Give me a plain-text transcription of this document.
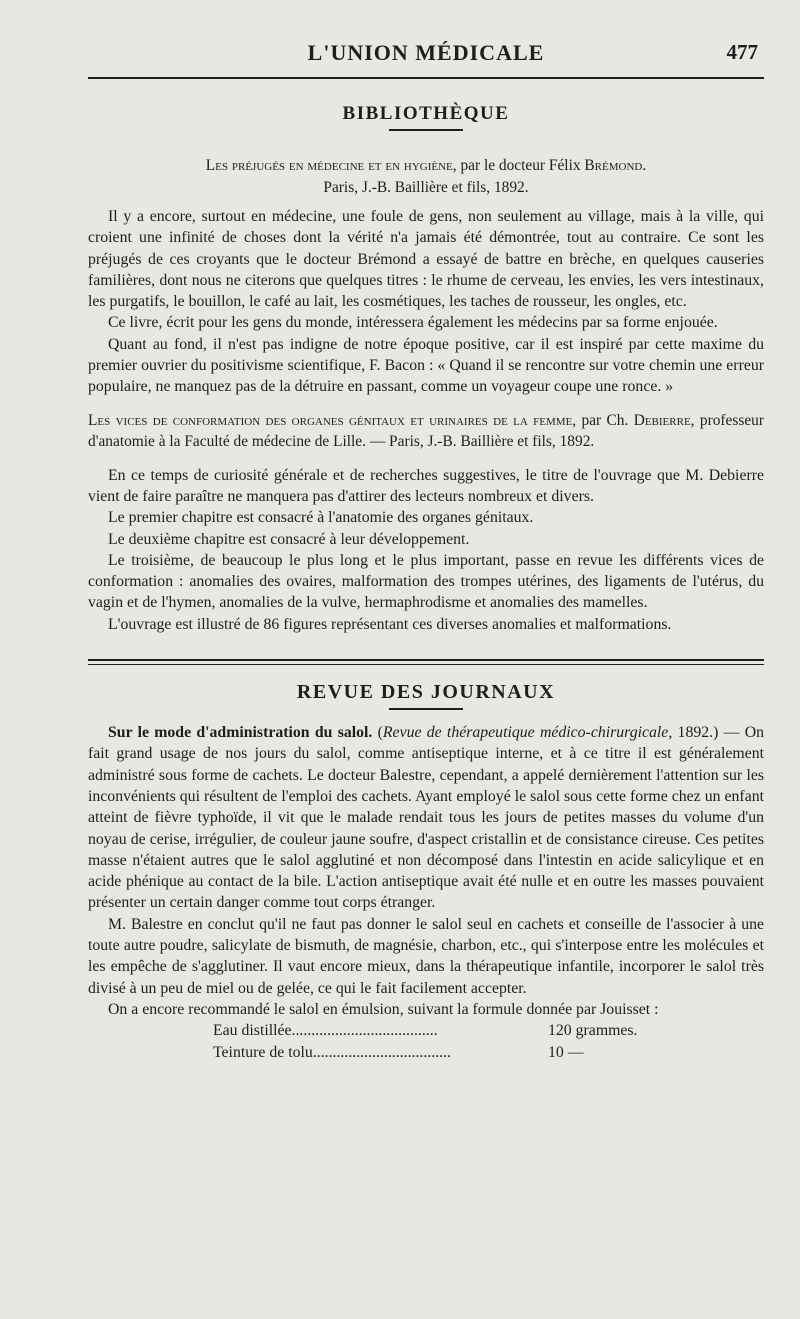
L'UNION MÉDICALE	477
BIBLIOTHÈQUE
Les préjugés en médecine et en hygiène, par le docteur Félix Brémond.
Paris, J.-B. Baillière et fils, 1892.

Il y a encore, surtout en médecine, une foule de gens, non seulement au village, mais à la ville, qui croient une infinité de choses dont la vérité n'a jamais été démontrée, tout au contraire. Ce sont les préjugés de ces croyants que le docteur Brémond a essayé de battre en brèche, en quelques causeries familières, dont nous ne citerons que quelques titres : le rhume de cerveau, les envies, les vers intestinaux, les purgatifs, le bouillon, le café au lait, les cosmétiques, les taches de rousseur, les ongles, etc.

Ce livre, écrit pour les gens du monde, intéressera également les médecins par sa forme enjouée.

Quant au fond, il n'est pas indigne de notre époque positive, car il est inspiré par cette maxime du premier ouvrier du positivisme scientifique, F. Bacon : « Quand il se rencontre sur votre chemin une erreur populaire, ne manquez pas de la détruire en passant, comme un voyageur coupe une ronce. »

Les vices de conformation des organes génitaux et urinaires de la femme, par Ch. Debierre, professeur d'anatomie à la Faculté de médecine de Lille. — Paris, J.-B. Baillière et fils, 1892.

En ce temps de curiosité générale et de recherches suggestives, le titre de l'ouvrage que M. Debierre vient de faire paraître ne manquera pas d'attirer des lecteurs nombreux et divers.

Le premier chapitre est consacré à l'anatomie des organes génitaux.

Le deuxième chapitre est consacré à leur développement.

Le troisième, de beaucoup le plus long et le plus important, passe en revue les différents vices de conformation : anomalies des ovaires, malformation des trompes utérines, des ligaments de l'utérus, du vagin et de l'hymen, anomalies de la vulve, hermaphrodisme et anomalies des mamelles.

L'ouvrage est illustré de 86 figures représentant ces diverses anomalies et malformations.

REVUE DES JOURNAUX

Sur le mode d'administration du salol. (Revue de thérapeutique médico-chirurgicale, 1892.) — On fait grand usage de nos jours du salol, comme antiseptique interne, et à ce titre il est généralement administré sous forme de cachets. Le docteur Balestre, cependant, a appelé dernièrement l'attention sur les inconvénients qui résultent de l'emploi des cachets. Ayant employé le salol sous cette forme chez un enfant atteint de fièvre typhoïde, il vit que le malade rendait tous les jours de petites masses du volume d'un noyau de cerise, irrégulier, de couleur jaune soufre, d'aspect cristallin et de consistance cireuse. Ces petites masse n'étaient autres que le salol agglutiné et non décomposé dans l'intestin en acide salicylique et en acide phénique au contact de la bile. L'action antiseptique avait été nulle et en outre les masses pouvaient présenter un certain danger comme tout corps étranger.

M. Balestre en conclut qu'il ne faut pas donner le salol seul en cachets et conseille de l'associer à une toute autre poudre, salicylate de bismuth, de magnésie, charbon, etc., qui s'interpose entre les molécules et les empêche de s'agglutiner. Il vaut encore mieux, dans la thérapeutique infantile, incorporer le salol très divisé à un peu de miel ou de gelée, ce qui le fait facilement accepter.

On a encore recommandé le salol en émulsion, suivant la formule donnée par Jouisset :

Eau distillée.....................................	120 grammes.
Teinture de tolu...................................	10 —
